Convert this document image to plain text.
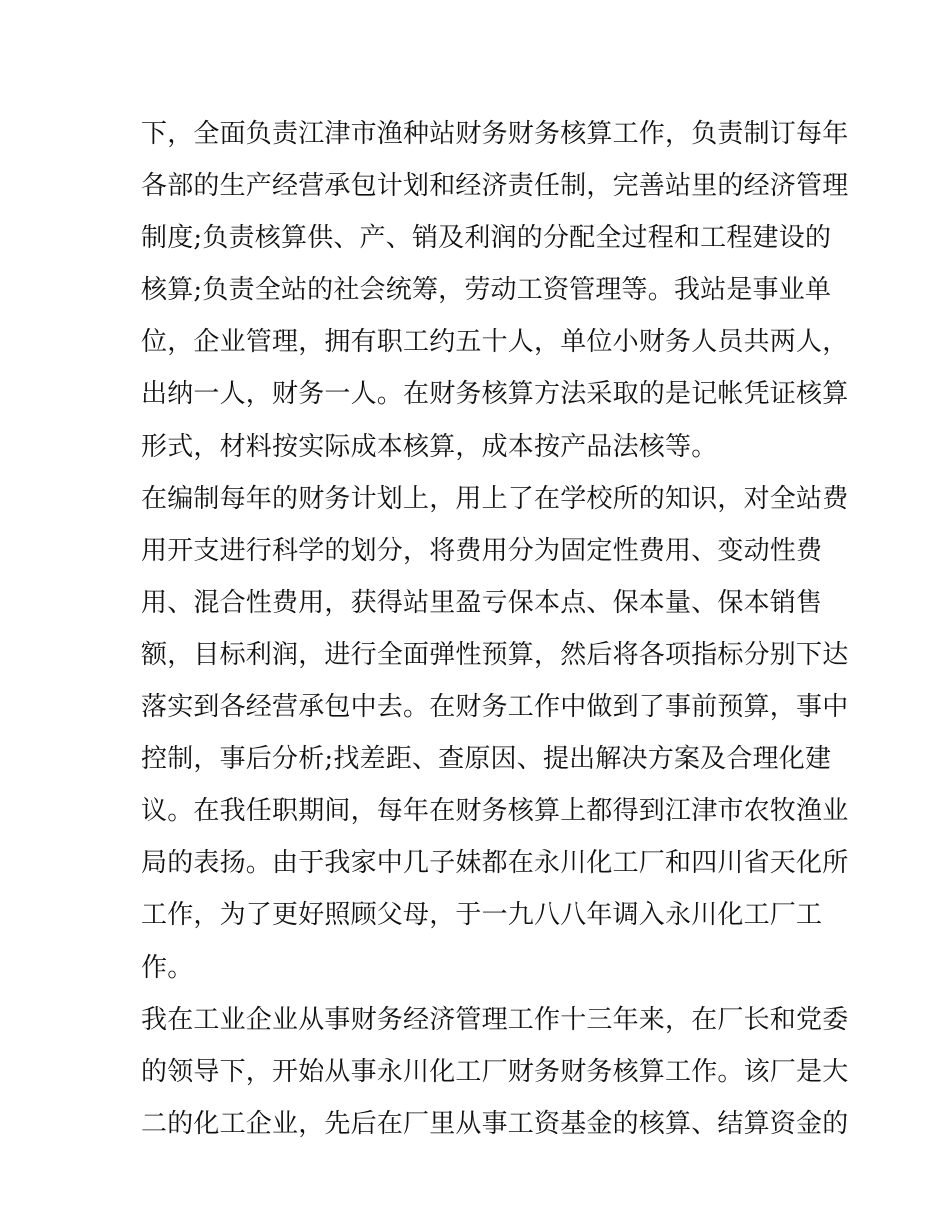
下，全面负责江津市渔种站财务财务核算工作，负责制订每年
各部的生产经营承包计划和经济责任制，完善站里的经济管理
制度;负责核算供、产、销及利润的分配全过程和工程建设的
核算;负责全站的社会统筹，劳动工资管理等。我站是事业单
位，企业管理，拥有职工约五十人，单位小财务人员共两人，
出纳一人，财务一人。在财务核算方法采取的是记帐凭证核算
形式，材料按实际成本核算，成本按产品法核等。
在编制每年的财务计划上，用上了在学校所的知识，对全站费
用开支进行科学的划分，将费用分为固定性费用、变动性费
用、混合性费用，获得站里盈亏保本点、保本量、保本销售
额，目标利润，进行全面弹性预算，然后将各项指标分别下达
落实到各经营承包中去。在财务工作中做到了事前预算，事中
控制，事后分析;找差距、查原因、提出解决方案及合理化建
议。在我任职期间，每年在财务核算上都得到江津市农牧渔业
局的表扬。由于我家中几子妹都在永川化工厂和四川省天化所
工作，为了更好照顾父母，于一九八八年调入永川化工厂工
作。
我在工业企业从事财务经济管理工作十三年来，在厂长和党委
的领导下，开始从事永川化工厂财务财务核算工作。该厂是大
二的化工企业，先后在厂里从事工资基金的核算、结算资金的
